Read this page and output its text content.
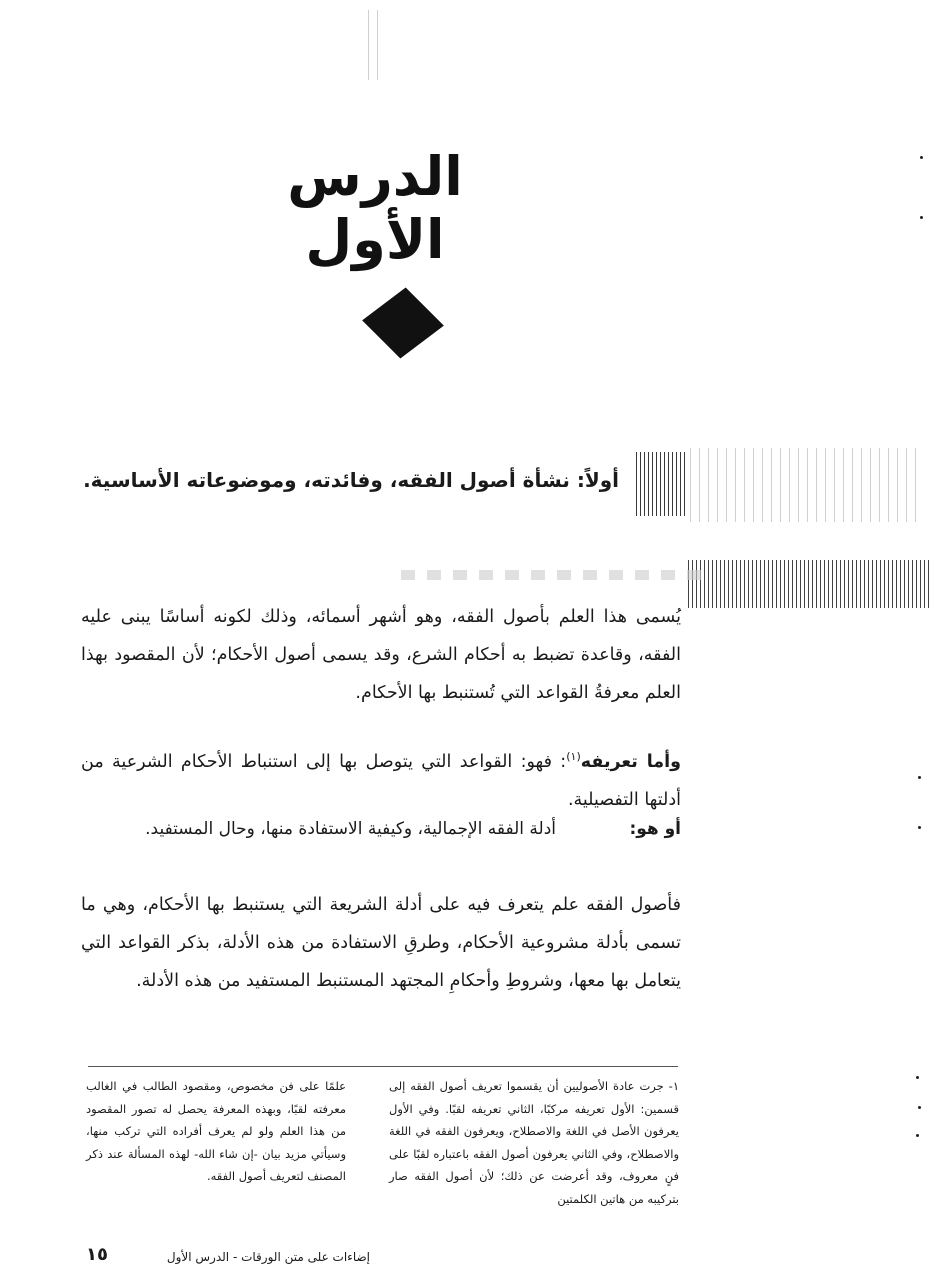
الدرس الأول
أولاً: نشأة أصول الفقه، وفائدته، وموضوعاته الأساسية.
يُسمى هذا العلم بأصول الفقه، وهو أشهر أسمائه، وذلك لكونه أساسًا يبنى عليه الفقه، وقاعدة تضبط به أحكام الشرع، وقد يسمى أصول الأحكام؛ لأن المقصود بهذا العلم معرفةُ القواعد التي تُستنبط بها الأحكام.
وأما تعريفه$^{(١)}$: فهو: القواعد التي يتوصل بها إلى استنباط الأحكام الشرعية من أدلتها التفصيلية.
أو هو:
أدلة الفقه الإجمالية، وكيفية الاستفادة منها، وحال المستفيد.
فأصول الفقه علم يتعرف فيه على أدلة الشريعة التي يستنبط بها الأحكام، وهي ما تسمى بأدلة مشروعية الأحكام، وطرقِ الاستفادة من هذه الأدلة، بذكر القواعد التي يتعامل بها معها، وشروطِ وأحكامِ المجتهد المستنبط المستفيد من هذه الأدلة.
١- جرت عادة الأصوليين أن يقسموا تعريف أصول الفقه إلى قسمين: الأول تعريفه مركبًا، الثاني تعريفه لقبًا. وفي الأول يعرفون الأصل في اللغة والاصطلاح، ويعرفون الفقه في اللغة والاصطلاح، وفي الثاني يعرفون أصول الفقه باعتباره لقبًا على فنٍ معروف، وقد أعرضت عن ذلك؛ لأن أصول الفقه صار بتركيبه من هاتين الكلمتين
علمًا على فن مخصوص، ومقصود الطالب في الغالب معرفته لقبًا، وبهذه المعرفة يحصل له تصور المقصود من هذا العلم ولو لم يعرف أفراده التي تركب منها، وسيأتي مزيد بيان -إن شاء الله- لهذه المسألة عند ذكر المصنف لتعريف أصول الفقه.
١٥	إضاءات على متن الورقات - الدرس الأول
